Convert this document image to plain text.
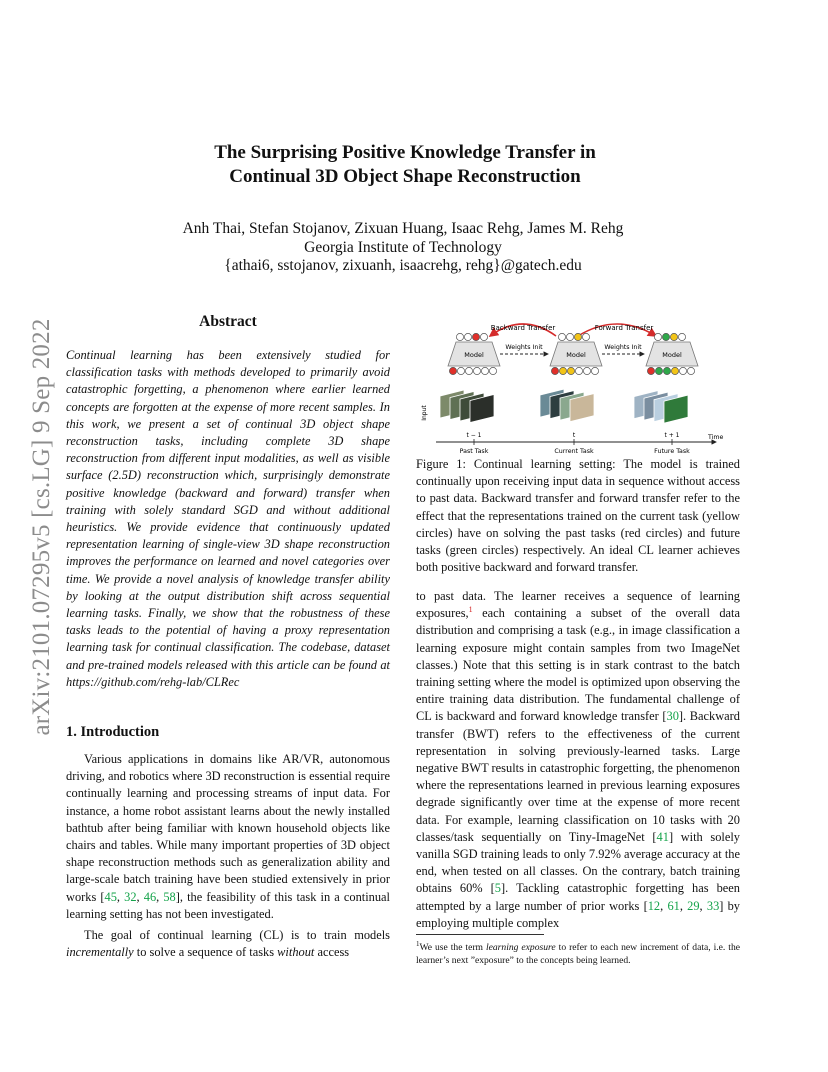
arXiv:2101.07295v5 [cs.LG] 9 Sep 2022
The Surprising Positive Knowledge Transfer in
Continual 3D Object Shape Reconstruction
Anh Thai, Stefan Stojanov, Zixuan Huang, Isaac Rehg, James M. Rehg
Georgia Institute of Technology
{athai6, sstojanov, zixuanh, isaacrehg, rehg}@gatech.edu
Abstract
Continual learning has been extensively studied for classification tasks with methods developed to primarily avoid catastrophic forgetting, a phenomenon where earlier learned concepts are forgotten at the expense of more recent samples. In this work, we present a set of continual 3D object shape reconstruction tasks, including complete 3D shape reconstruction from different input modalities, as well as visible surface (2.5D) reconstruction which, surprisingly demonstrate positive knowledge (backward and forward) transfer when training with solely standard SGD and without additional heuristics. We provide evidence that continuously updated representation learning of single-view 3D shape reconstruction improves the performance on learned and novel categories over time. We provide a novel analysis of knowledge transfer ability by looking at the output distribution shift across sequential learning tasks. Finally, we show that the robustness of these tasks leads to the potential of having a proxy representation learning task for continual classification. The codebase, dataset and pre-trained models released with this article can be found at https://github.com/rehg-lab/CLRec
1. Introduction

Various applications in domains like AR/VR, autonomous driving, and robotics where 3D reconstruction is essential require continually learning and processing streams of input data. For instance, a home robot assistant learns about the newly installed bathtub after being familiar with known household objects like chairs and tables. While many important properties of 3D object shape reconstruction methods such as generalization ability and large-scale batch training have been studied extensively in prior works [45, 32, 46, 58], the feasibility of this task in a continual learning setting has not been investigated.

The goal of continual learning (CL) is to train models incrementally to solve a sequence of tasks without access

Backward Transfer	Forward Transfer
Model	Model	Model
Weights Init	Weights Init
Input
Time
t − 1	t	t + 1
Past Task	Current Task	Future Task
Figure 1: Continual learning setting: The model is trained continually upon receiving input data in sequence without access to past data. Backward transfer and forward transfer refer to the effect that the representations trained on the current task (yellow circles) have on solving the past tasks (red circles) and future tasks (green circles) respectively. An ideal CL learner achieves both positive backward and forward transfer.
to past data. The learner receives a sequence of learning exposures,$^1$ each containing a subset of the overall data distribution and comprising a task (e.g., in image classification a learning exposure might contain samples from two ImageNet classes.) Note that this setting is in stark contrast to the batch training setting where the model is optimized upon observing the entire training data distribution. The fundamental challenge of CL is backward and forward knowledge transfer [30]. Backward transfer (BWT) refers to the effectiveness of the current representation in solving previously-learned tasks. Large negative BWT results in catastrophic forgetting, the phenomenon where the representations learned in previous learning exposures degrade significantly over time at the expense of more recent data. For example, learning classification on 10 tasks with 20 classes/task sequentially on Tiny-ImageNet [41] with solely vanilla SGD training leads to only 7.92% average accuracy at the end, when tested on all classes. On the contrary, batch training obtains 60% [5]. Tackling catastrophic forgetting has been attempted by a large number of prior works [12, 61, 29, 33] by employing multiple complex
$^1$We use the term learning exposure to refer to each new increment of data, i.e. the learner’s next ”exposure” to the concepts being learned.
